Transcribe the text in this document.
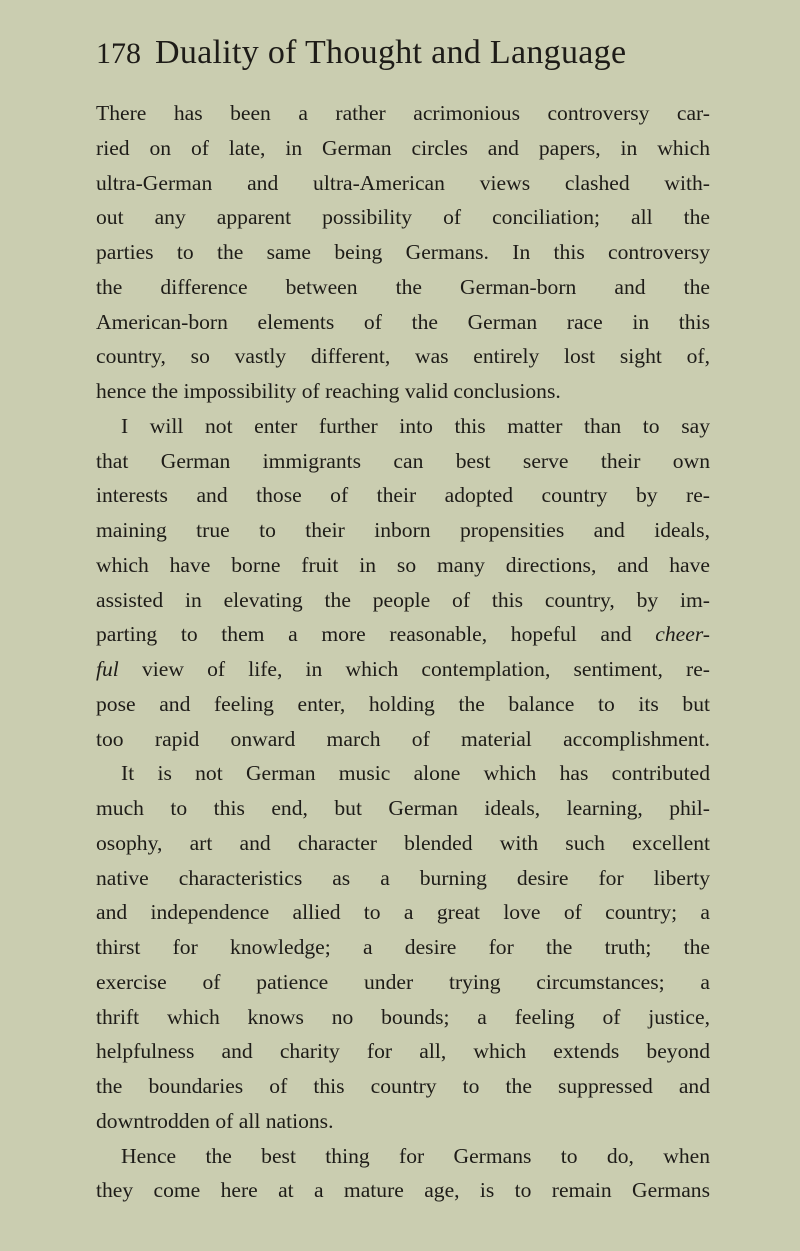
178 Duality of Thought and Language
There has been a rather acrimonious controversy car-
ried on of late, in German circles and papers, in which
ultra-German and ultra-American views clashed with-
out any apparent possibility of conciliation; all the
parties to the same being Germans. In this controversy
the difference between the German-born and the
American-born elements of the German race in this
country, so vastly different, was entirely lost sight of,
hence the impossibility of reaching valid conclusions.
I will not enter further into this matter than to say
that German immigrants can best serve their own
interests and those of their adopted country by re-
maining true to their inborn propensities and ideals,
which have borne fruit in so many directions, and have
assisted in elevating the people of this country, by im-
parting to them a more reasonable, hopeful and cheer-
ful view of life, in which contemplation, sentiment, re-
pose and feeling enter, holding the balance to its but
too rapid onward march of material accomplishment.
It is not German music alone which has contributed
much to this end, but German ideals, learning, phil-
osophy, art and character blended with such excellent
native characteristics as a burning desire for liberty
and independence allied to a great love of country; a
thirst for knowledge; a desire for the truth; the
exercise of patience under trying circumstances; a
thrift which knows no bounds; a feeling of justice,
helpfulness and charity for all, which extends beyond
the boundaries of this country to the suppressed and
downtrodden of all nations.
Hence the best thing for Germans to do, when
they come here at a mature age, is to remain Germans
